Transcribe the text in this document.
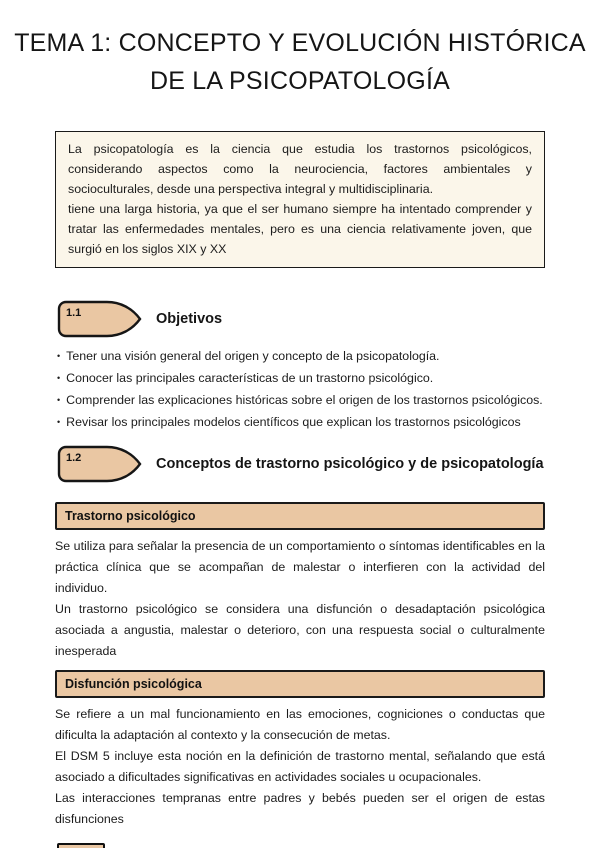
TEMA 1: CONCEPTO Y EVOLUCIÓN HISTÓRICA
DE LA PSICOPATOLOGÍA

La psicopatología es la ciencia que estudia los trastornos psicológicos, considerando aspectos como la neurociencia, factores ambientales y socioculturales, desde una perspectiva integral y multidisciplinaria.

tiene una larga historia, ya que el ser humano siempre ha intentado comprender y tratar las enfermedades mentales, pero es una ciencia relativamente joven, que surgió en los siglos XIX y XX

1.1	Objetivos
• Tener una visión general del origen y concepto de la psicopatología.
• Conocer las principales características de un trastorno psicológico.
• Comprender las explicaciones históricas sobre el origen de los trastornos psicológicos.
• Revisar los principales modelos científicos que explican los trastornos psicológicos
1.2	Conceptos de trastorno psicológico y de psicopatología
Trastorno psicológico

Se utiliza para señalar la presencia de un comportamiento o síntomas identificables en la práctica clínica que se acompañan de malestar o interfieren con la actividad del individuo.

Un trastorno psicológico se considera una disfunción o desadaptación psicológica asociada a angustia, malestar o deterioro, con una respuesta social o culturalmente inesperada

Disfunción psicológica

Se refiere a un mal funcionamiento en las emociones, cogniciones o conductas que dificulta la adaptación al contexto y la consecución de metas.

El DSM 5 incluye esta noción en la definición de trastorno mental, señalando que está asociado a dificultades significativas en actividades sociales u ocupacionales.

Las interacciones tempranas entre padres y bebés pueden ser el origen de estas disfunciones
